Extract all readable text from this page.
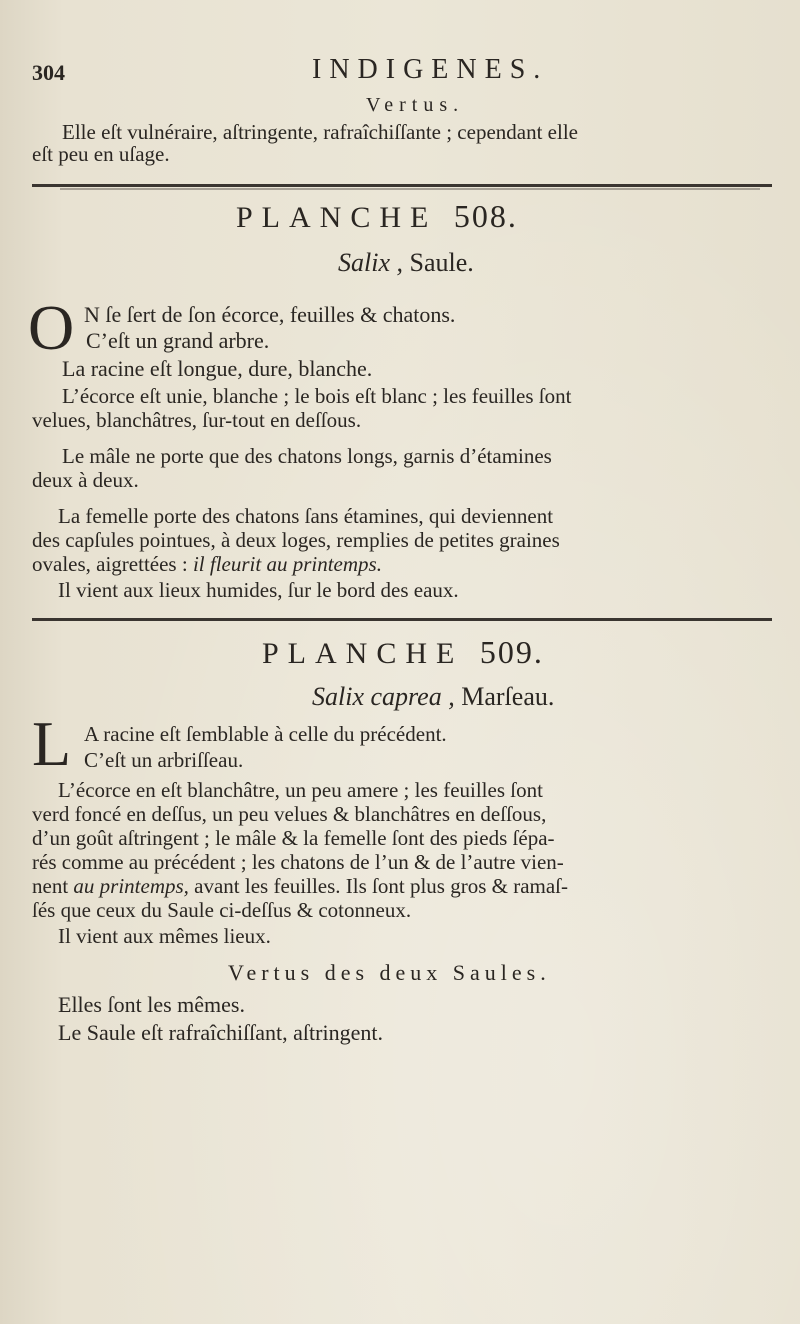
304	INDIGENES.
Vertus.
Elle eſt vulnéraire, aſtringente, rafraîchiſſante ; cependant elle
eſt peu en uſage.
PLANCHE 508.
Salix , Saule.
O N ſe ſert de ſon écorce, feuilles & chatons.
C’eſt un grand arbre.
La racine eſt longue, dure, blanche.
L’écorce eſt unie, blanche ; le bois eſt blanc ; les feuilles ſont
velues, blanchâtres, ſur-tout en deſſous.
Le mâle ne porte que des chatons longs, garnis d’étamines
deux à deux.
La femelle porte des chatons ſans étamines, qui deviennent
des capſules pointues, à deux loges, remplies de petites graines
ovales, aigrettées : il fleurit au printemps.
Il vient aux lieux humides, ſur le bord des eaux.
PLANCHE 509.
Salix caprea , Marſeau.
L A racine eſt ſemblable à celle du précédent.
C’eſt un arbriſſeau.
L’écorce en eſt blanchâtre, un peu amere ; les feuilles ſont
verd foncé en deſſus, un peu velues & blanchâtres en deſſous,
d’un goût aſtringent ; le mâle & la femelle ſont des pieds ſépa-
rés comme au précédent ; les chatons de l’un & de l’autre vien-
nent au printemps, avant les feuilles. Ils ſont plus gros & ramaſ-
ſés que ceux du Saule ci-deſſus & cotonneux.
Il vient aux mêmes lieux.
Vertus des deux Saules.
Elles ſont les mêmes.
Le Saule eſt rafraîchiſſant, aſtringent.
